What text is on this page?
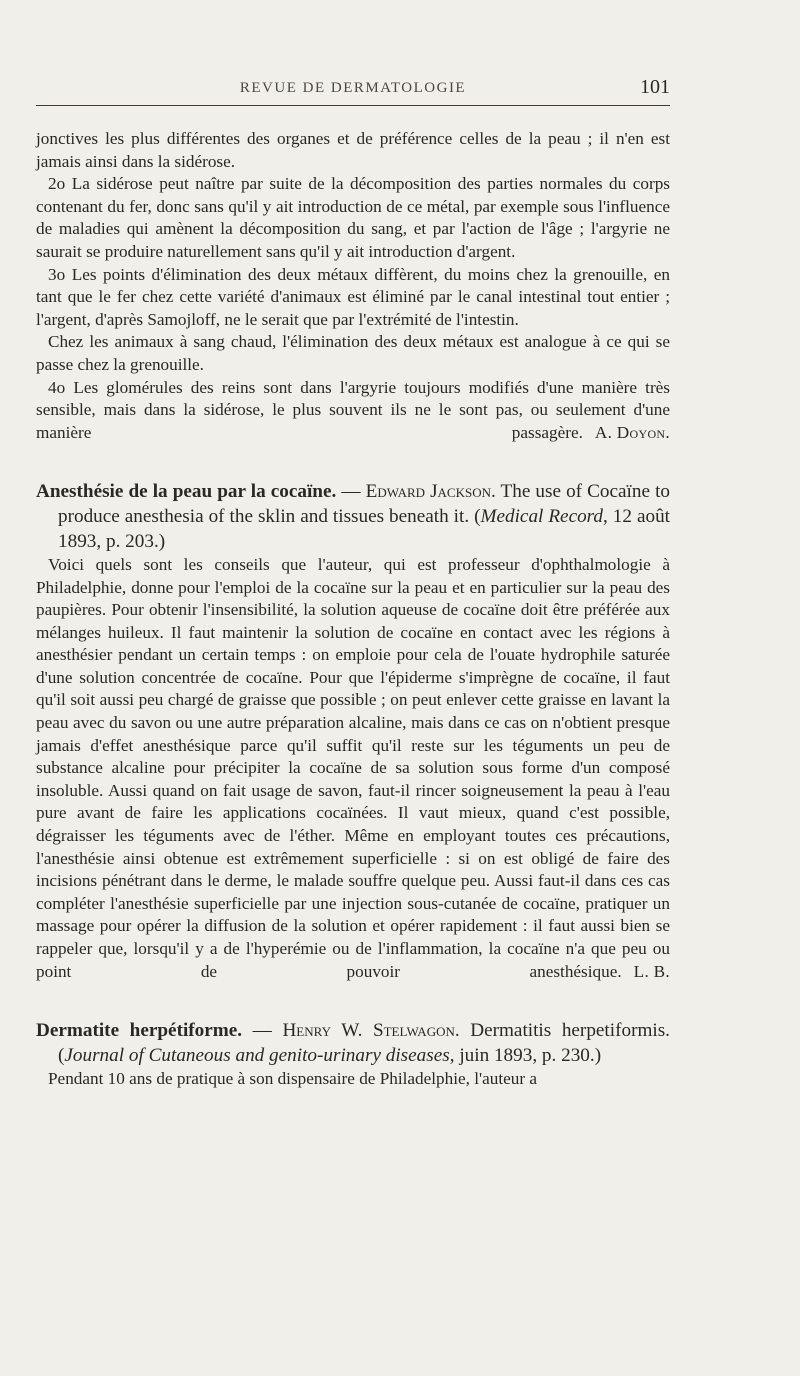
REVUE DE DERMATOLOGIE	101

jonctives les plus différentes des organes et de préférence celles de la peau ; il n'en est jamais ainsi dans la sidérose.

2o La sidérose peut naître par suite de la décomposition des parties normales du corps contenant du fer, donc sans qu'il y ait introduction de ce métal, par exemple sous l'influence de maladies qui amènent la décomposition du sang, et par l'action de l'âge ; l'argyrie ne saurait se produire naturellement sans qu'il y ait introduction d'argent.

3o Les points d'élimination des deux métaux diffèrent, du moins chez la grenouille, en tant que le fer chez cette variété d'animaux est éliminé par le canal intestinal tout entier ; l'argent, d'après Samojloff, ne le serait que par l'extrémité de l'intestin.

Chez les animaux à sang chaud, l'élimination des deux métaux est analogue à ce qui se passe chez la grenouille.

4o Les glomérules des reins sont dans l'argyrie toujours modifiés d'une manière très sensible, mais dans la sidérose, le plus souvent ils ne le sont pas, ou seulement d'une manière passagère. A. Doyon.

Anesthésie de la peau par la cocaïne. — Edward Jackson. The use of Cocaïne to produce anesthesia of the sklin and tissues beneath it. (Medical Record, 12 août 1893, p. 203.)

Voici quels sont les conseils que l'auteur, qui est professeur d'ophthalmologie à Philadelphie, donne pour l'emploi de la cocaïne sur la peau et en particulier sur la peau des paupières. Pour obtenir l'insensibilité, la solution aqueuse de cocaïne doit être préférée aux mélanges huileux. Il faut maintenir la solution de cocaïne en contact avec les régions à anesthésier pendant un certain temps : on emploie pour cela de l'ouate hydrophile saturée d'une solution concentrée de cocaïne. Pour que l'épiderme s'imprègne de cocaïne, il faut qu'il soit aussi peu chargé de graisse que possible ; on peut enlever cette graisse en lavant la peau avec du savon ou une autre préparation alcaline, mais dans ce cas on n'obtient presque jamais d'effet anesthésique parce qu'il suffit qu'il reste sur les téguments un peu de substance alcaline pour précipiter la cocaïne de sa solution sous forme d'un composé insoluble. Aussi quand on fait usage de savon, faut-il rincer soigneusement la peau à l'eau pure avant de faire les applications cocaïnées. Il vaut mieux, quand c'est possible, dégraisser les téguments avec de l'éther. Même en employant toutes ces précautions, l'anesthésie ainsi obtenue est extrêmement superficielle : si on est obligé de faire des incisions pénétrant dans le derme, le malade souffre quelque peu. Aussi faut-il dans ces cas compléter l'anesthésie superficielle par une injection sous-cutanée de cocaïne, pratiquer un massage pour opérer la diffusion de la solution et opérer rapidement : il faut aussi bien se rappeler que, lorsqu'il y a de l'hyperémie ou de l'inflammation, la cocaïne n'a que peu ou point de pouvoir anesthésique. L. B.

Dermatite herpétiforme. — Henry W. Stelwagon. Dermatitis herpetiformis. (Journal of Cutaneous and genito-urinary diseases, juin 1893, p. 230.)

Pendant 10 ans de pratique à son dispensaire de Philadelphie, l'auteur a
